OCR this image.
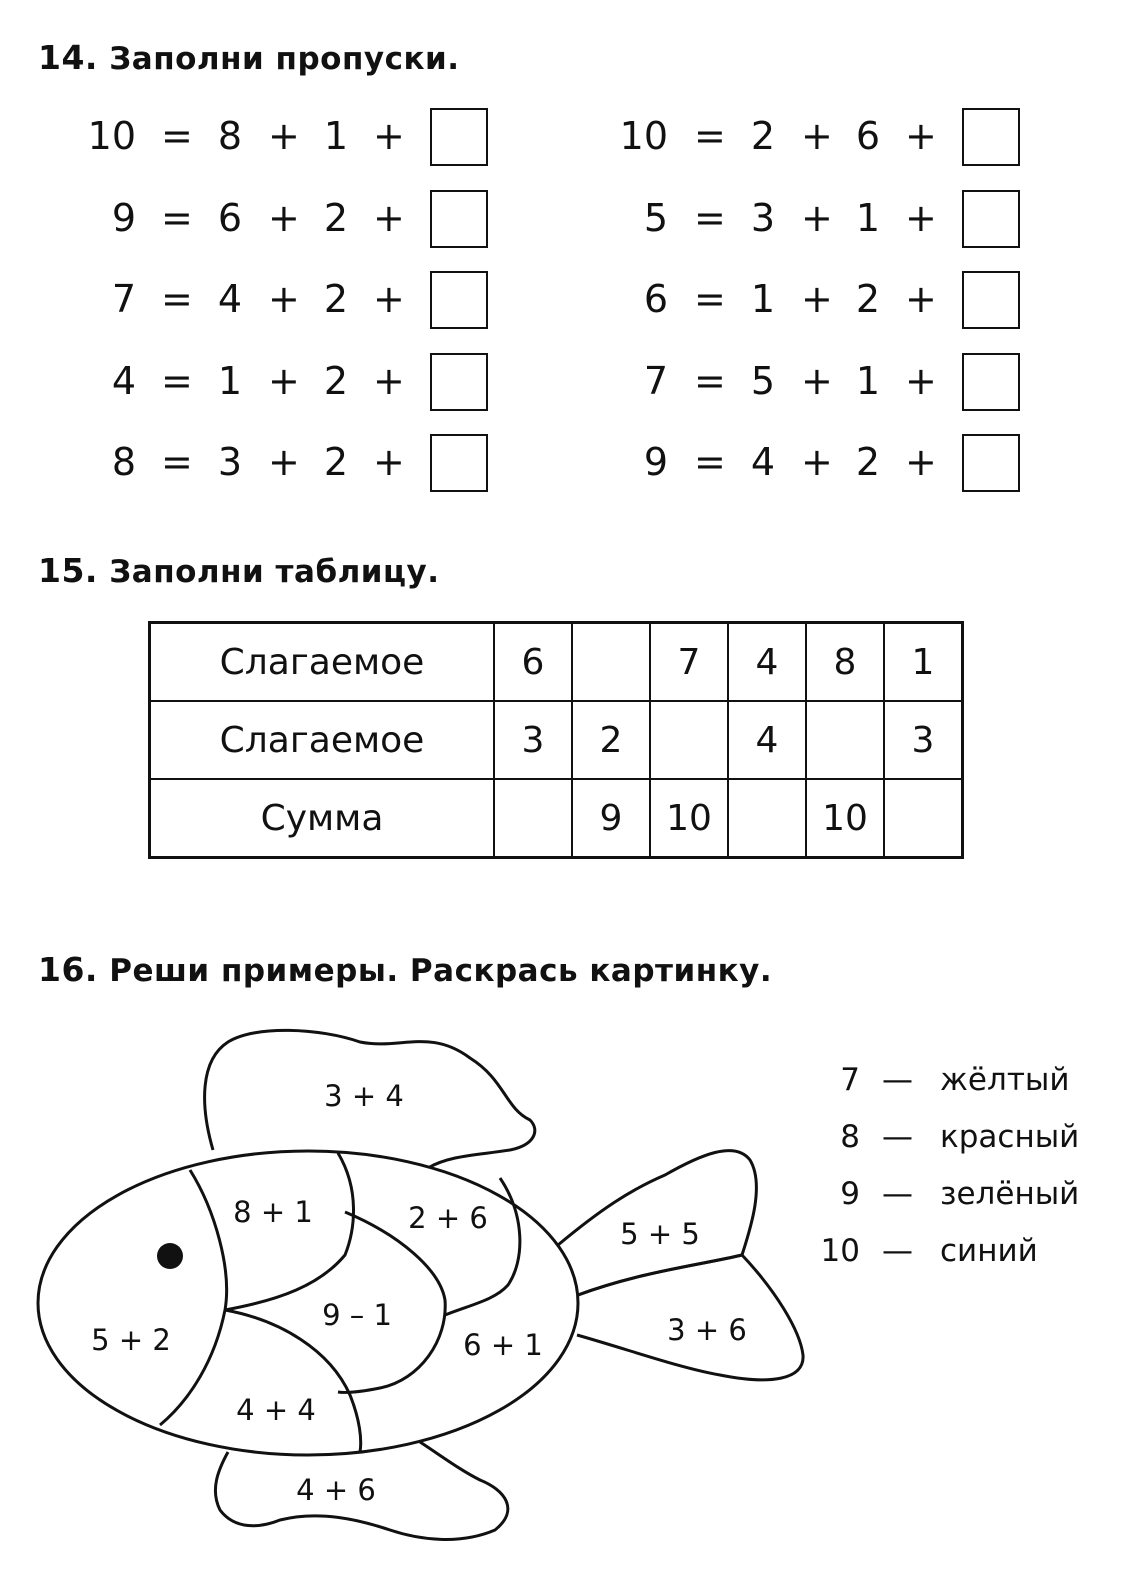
14. Заполни пропуски.
10 = 8 + 1 +
9 = 6 + 2 +
7 = 4 + 2 +
4 = 1 + 2 +
8 = 3 + 2 +
10 = 2 + 6 +
5 = 3 + 1 +
6 = 1 + 2 +
7 = 5 + 1 +
9 = 4 + 2 +
15. Заполни таблицу.
Слагаемое	6		7	4	8	1
Слагаемое	3	2		4		3
Сумма		9	10		10	
16. Реши примеры. Раскрась картинку.
3 + 4
8 + 1	2 + 6	5 + 5
5 + 2
9 – 1
6 + 1	3 + 6
4 + 4
4 + 6
7 — жёлтый
8 — красный
9 — зелёный
10 — синий
